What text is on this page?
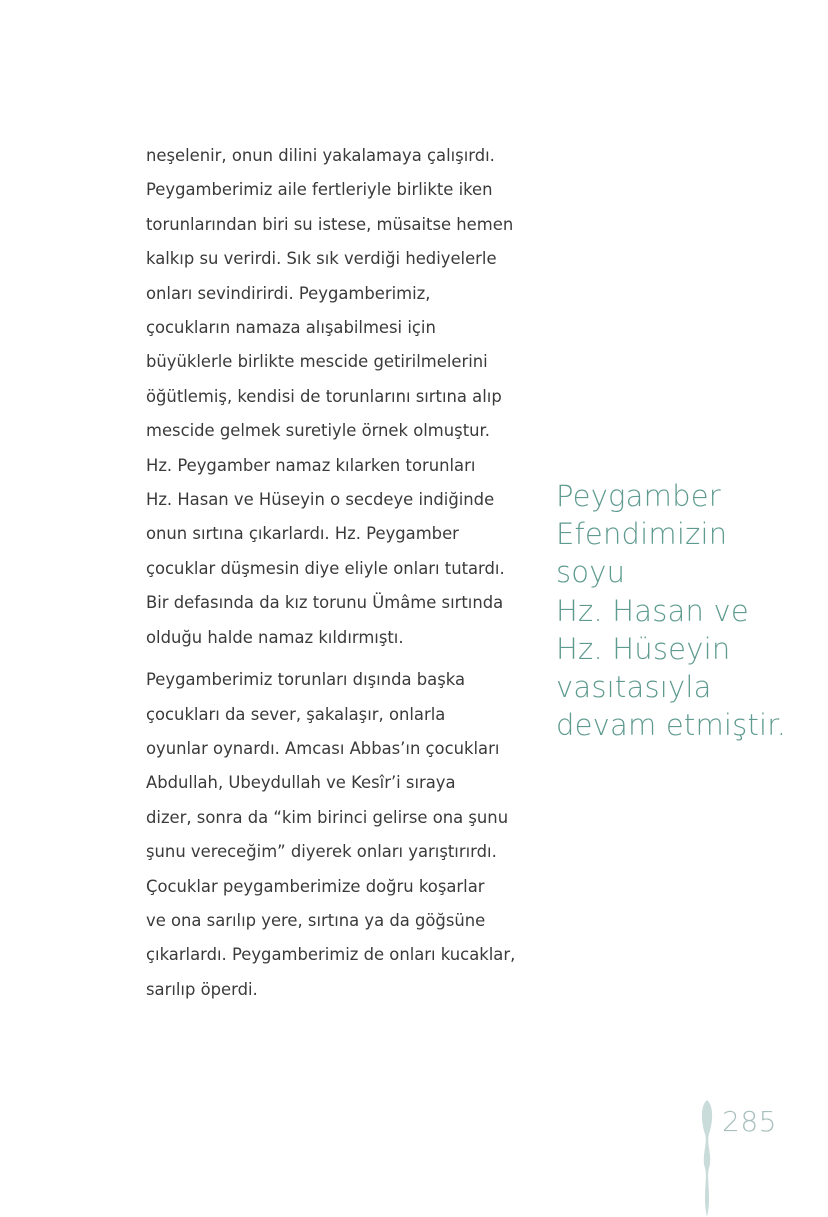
neşelenir, onun dilini yakalamaya çalışırdı.
Peygamberimiz aile fertleriyle birlikte iken
torunlarından biri su istese, müsaitse hemen
kalkıp su verirdi. Sık sık verdiği hediyelerle
onları sevindirirdi. Peygamberimiz,
çocukların namaza alışabilmesi için
büyüklerle birlikte mescide getirilmelerini
öğütlemiş, kendisi de torunlarını sırtına alıp
mescide gelmek suretiyle örnek olmuştur.
Hz. Peygamber namaz kılarken torunları
Hz. Hasan ve Hüseyin o secdeye indiğinde
onun sırtına çıkarlardı. Hz. Peygamber
çocuklar düşmesin diye eliyle onları tutardı.
Bir defasında da kız torunu Ümâme sırtında
olduğu halde namaz kıldırmıştı.

Peygamberimiz torunları dışında başka
çocukları da sever, şakalaşır, onlarla
oyunlar oynardı. Amcası Abbas’ın çocukları
Abdullah, Ubeydullah ve Kesîr’i sıraya
dizer, sonra da “kim birinci gelirse ona şunu
şunu vereceğim” diyerek onları yarıştırırdı.
Çocuklar peygamberimize doğru koşarlar
ve ona sarılıp yere, sırtına ya da göğsüne
çıkarlardı. Peygamberimiz de onları kucaklar,
sarılıp öperdi.

Peygamber
Efendimizin
soyu
Hz. Hasan ve
Hz. Hüseyin
vasıtasıyla
devam etmiştir.

285
